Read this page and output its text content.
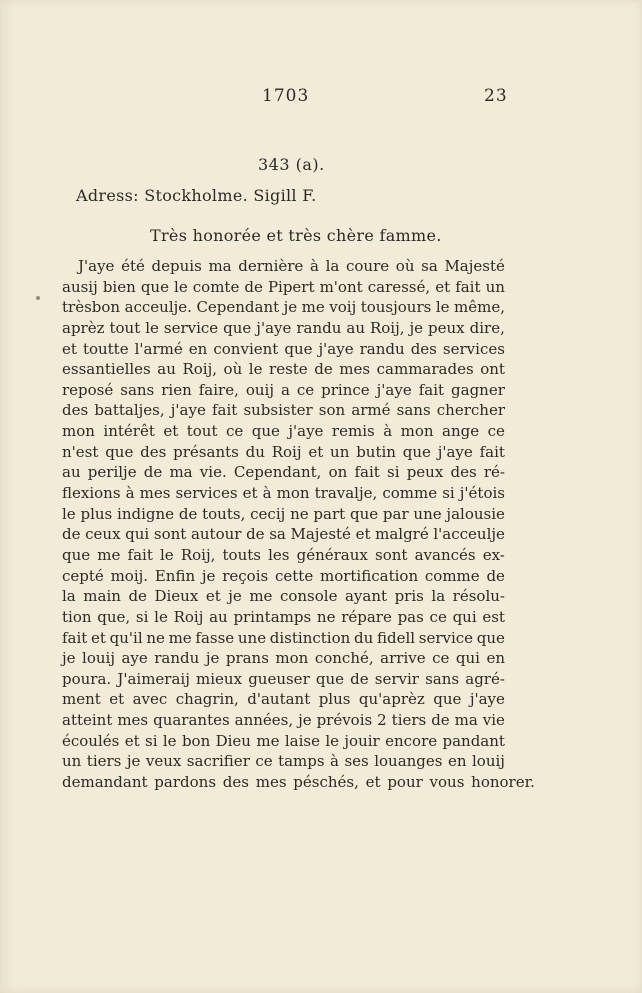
1703	23
343 (a).
Adress: Stockholme. Sigill F.
Très honorée et très chère famme.
J'aye été depuis ma dernière à la coure où sa Majesté
ausij bien que le comte de Pipert m'ont caressé, et fait un
trèsbon acceulje. Cependant je me voij tousjours le même,
aprèz tout le service que j'aye randu au Roij, je peux dire,
et toutte l'armé en convient que j'aye randu des services
essantielles au Roij, où le reste de mes cammarades ont
reposé sans rien faire, ouij a ce prince j'aye fait gagner
des battaljes, j'aye fait subsister son armé sans chercher
mon intérêt et tout ce que j'aye remis à mon ange ce
n'est que des présants du Roij et un butin que j'aye fait
au perilje de ma vie. Cependant, on fait si peux des ré-
flexions à mes services et à mon travalje, comme si j'étois
le plus indigne de touts, cecij ne part que par une jalousie
de ceux qui sont autour de sa Majesté et malgré l'acceulje
que me fait le Roij, touts les généraux sont avancés ex-
cepté moij. Enfin je reçois cette mortification comme de
la main de Dieux et je me console ayant pris la résolu-
tion que, si le Roij au printamps ne répare pas ce qui est
fait et qu'il ne me fasse une distinction du fidell service que
je louij aye randu je prans mon conché, arrive ce qui en
poura. J'aimeraij mieux gueuser que de servir sans agré-
ment et avec chagrin, d'autant plus qu'aprèz que j'aye
atteint mes quarantes années, je prévois 2 tiers de ma vie
écoulés et si le bon Dieu me laise le jouir encore pandant
un tiers je veux sacrifier ce tamps à ses louanges en louij
demandant pardons des mes péschés, et pour vous honorer.
